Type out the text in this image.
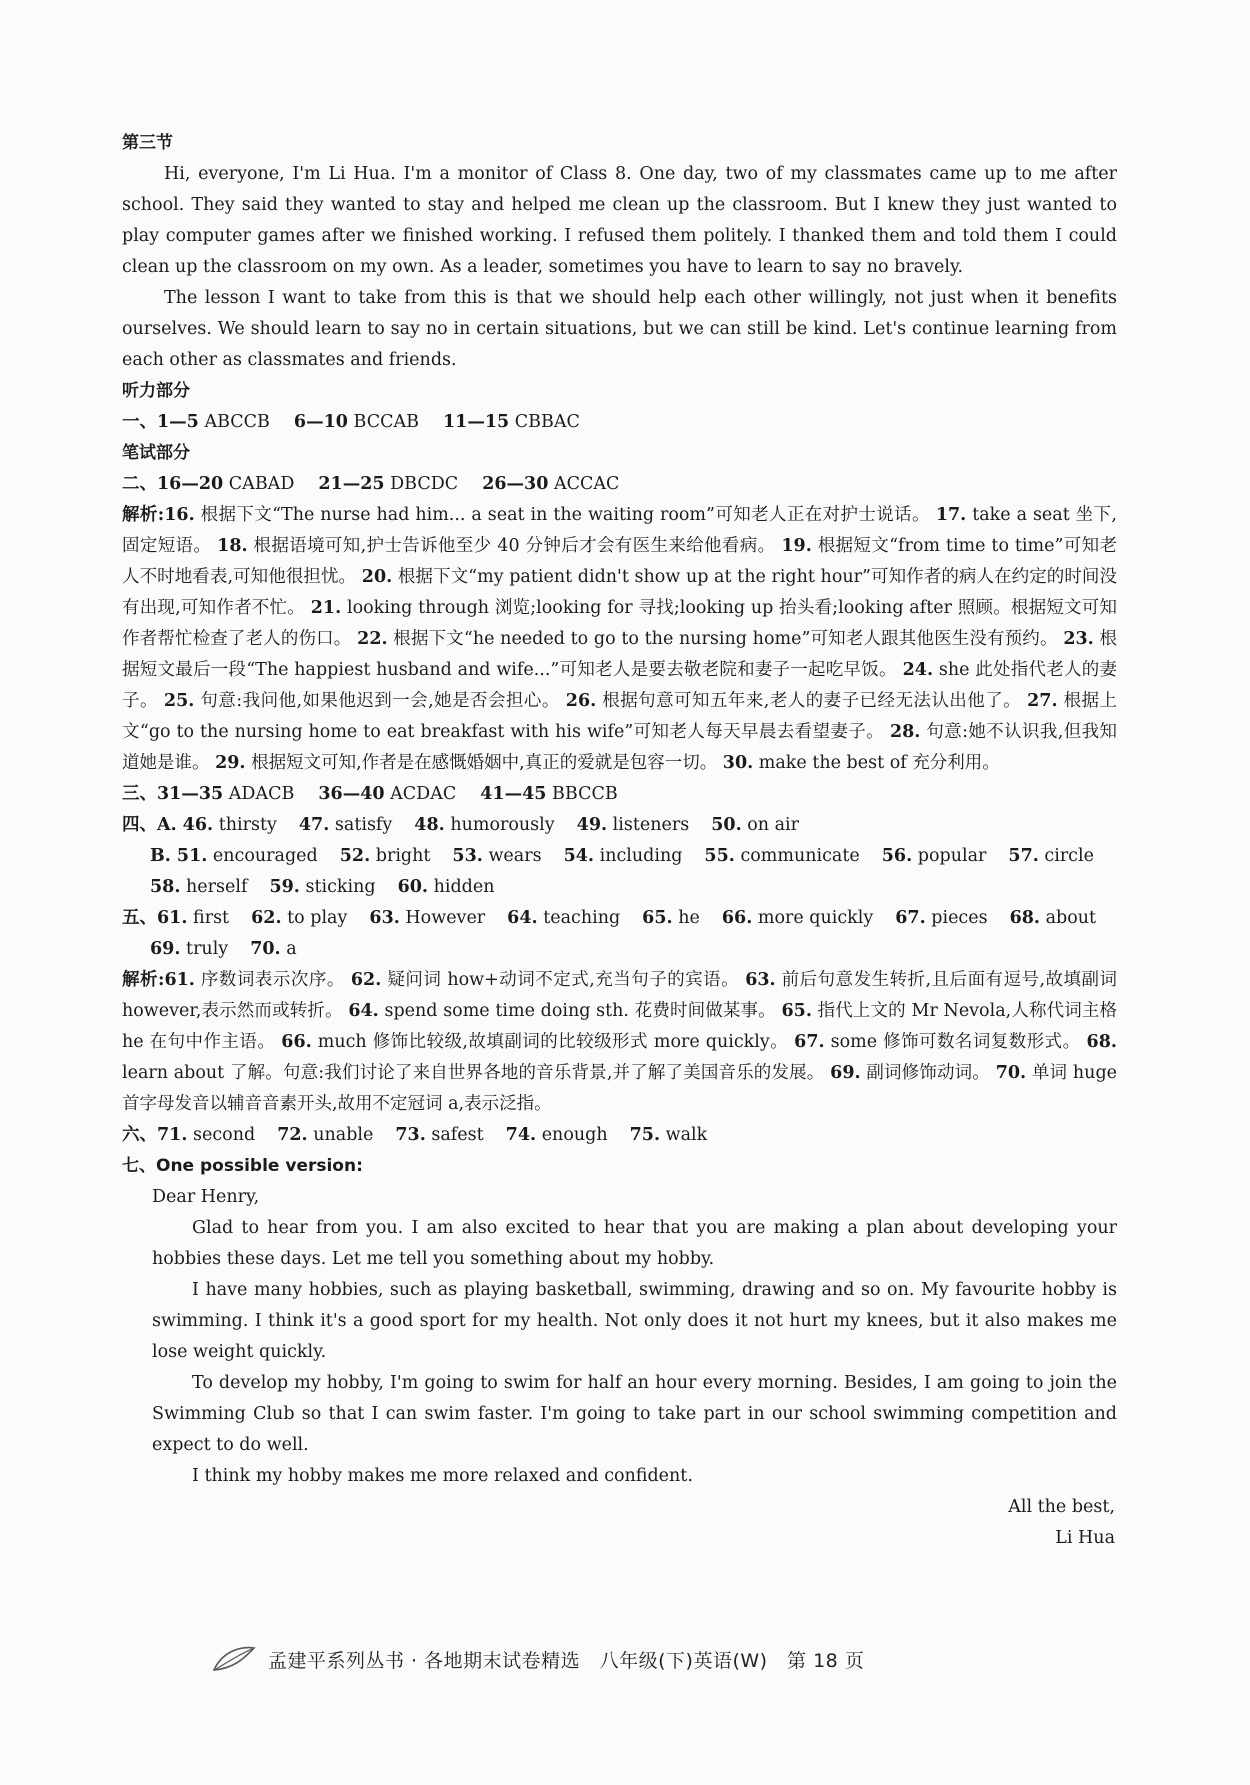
第三节

Hi, everyone, I'm Li Hua. I'm a monitor of Class 8. One day, two of my classmates came up to me after school. They said they wanted to stay and helped me clean up the classroom. But I knew they just wanted to play computer games after we finished working. I refused them politely. I thanked them and told them I could clean up the classroom on my own. As a leader, sometimes you have to learn to say no bravely.

The lesson I want to take from this is that we should help each other willingly, not just when it benefits ourselves. We should learn to say no in certain situations, but we can still be kind. Let's continue learning from each other as classmates and friends.

听力部分

一、1—5 ABCCB 6—10 BCCAB 11—15 CBBAC

笔试部分

二、16—20 CABAD 21—25 DBCDC 26—30 ACCAC

解析:16. 根据下文“The nurse had him... a seat in the waiting room”可知老人正在对护士说话。 17. take a seat 坐下,固定短语。 18. 根据语境可知,护士告诉他至少 40 分钟后才会有医生来给他看病。 19. 根据短文“from time to time”可知老人不时地看表,可知他很担忧。 20. 根据下文“my patient didn't show up at the right hour”可知作者的病人在约定的时间没有出现,可知作者不忙。 21. looking through 浏览;looking for 寻找;looking up 抬头看;looking after 照顾。根据短文可知作者帮忙检查了老人的伤口。 22. 根据下文“he needed to go to the nursing home”可知老人跟其他医生没有预约。 23. 根据短文最后一段“The happiest husband and wife...”可知老人是要去敬老院和妻子一起吃早饭。 24. she 此处指代老人的妻子。 25. 句意:我问他,如果他迟到一会,她是否会担心。 26. 根据句意可知五年来,老人的妻子已经无法认出他了。 27. 根据上文“go to the nursing home to eat breakfast with his wife”可知老人每天早晨去看望妻子。 28. 句意:她不认识我,但我知道她是谁。 29. 根据短文可知,作者是在感慨婚姻中,真正的爱就是包容一切。 30. make the best of 充分利用。

三、31—35 ADACB 36—40 ACDAC 41—45 BBCCB

四、A. 46. thirsty 47. satisfy 48. humorously 49. listeners 50. on air

B. 51. encouraged 52. bright 53. wears 54. including 55. communicate 56. popular 57. circle

58. herself 59. sticking 60. hidden

五、61. first 62. to play 63. However 64. teaching 65. he 66. more quickly 67. pieces 68. about

69. truly 70. a

解析:61. 序数词表示次序。 62. 疑问词 how+动词不定式,充当句子的宾语。 63. 前后句意发生转折,且后面有逗号,故填副词 however,表示然而或转折。 64. spend some time doing sth. 花费时间做某事。 65. 指代上文的 Mr Nevola,人称代词主格 he 在句中作主语。 66. much 修饰比较级,故填副词的比较级形式 more quickly。 67. some 修饰可数名词复数形式。 68. learn about 了解。句意:我们讨论了来自世界各地的音乐背景,并了解了美国音乐的发展。 69. 副词修饰动词。 70. 单词 huge 首字母发音以辅音音素开头,故用不定冠词 a,表示泛指。

六、71. second 72. unable 73. safest 74. enough 75. walk

七、One possible version:

Dear Henry,

Glad to hear from you. I am also excited to hear that you are making a plan about developing your hobbies these days. Let me tell you something about my hobby.

I have many hobbies, such as playing basketball, swimming, drawing and so on. My favourite hobby is swimming. I think it's a good sport for my health. Not only does it not hurt my knees, but it also makes me lose weight quickly.

To develop my hobby, I'm going to swim for half an hour every morning. Besides, I am going to join the Swimming Club so that I can swim faster. I'm going to take part in our school swimming competition and expect to do well.

I think my hobby makes me more relaxed and confident.

All the best,

Li Hua

孟建平系列丛书 · 各地期末试卷精选　八年级(下)英语(W)　第 18 页
